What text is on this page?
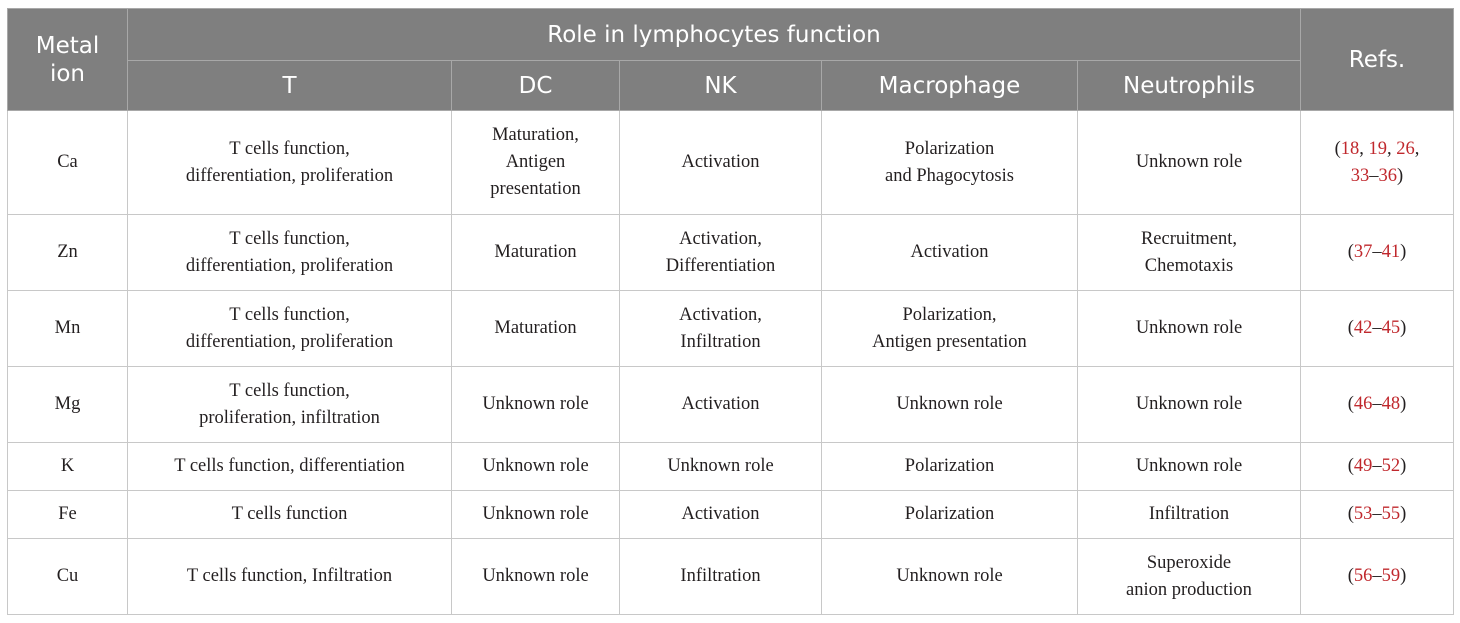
Metal
ion	Role in lymphocytes function					Refs.
	T	DC	NK	Macrophage	Neutrophils	
Ca	T cells function,
differentiation, proliferation	Maturation,
Antigen
presentation	Activation	Polarization
and Phagocytosis	Unknown role	(18, 19, 26,
33–36)

Zn	T cells function,
differentiation, proliferation	Maturation	Activation,
Differentiation	Activation	Recruitment,
Chemotaxis	(37–41)

Mn	T cells function,
differentiation, proliferation	Maturation	Activation,
Infiltration	Polarization,
Antigen presentation	Unknown role	(42–45)

Mg	T cells function,
proliferation, infiltration	Unknown role	Activation	Unknown role	Unknown role	(46–48)

K	T cells function, differentiation	Unknown role	Unknown role	Polarization	Unknown role	(49–52)

Fe	T cells function	Unknown role	Activation	Polarization	Infiltration	(53–55)

Cu	T cells function, Infiltration	Unknown role	Infiltration	Unknown role	Superoxide
anion production	(56–59)
